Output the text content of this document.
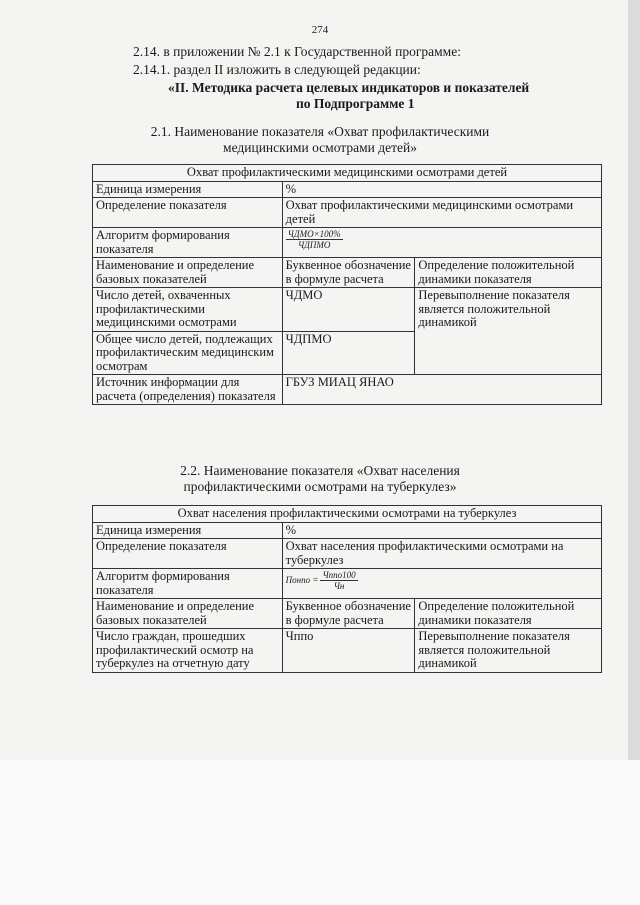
274
2.14. в приложении № 2.1 к Государственной программе:
2.14.1. раздел II изложить в следующей редакции:
«II. Методика расчета целевых индикаторов и показателей
по Подпрограмме 1
2.1. Наименование показателя «Охват профилактическими
медицинскими осмотрами детей»
Охват профилактическими медицинскими осмотрами детей		
Единица измерения	%	
Определение показателя	Охват профилактическими медицинскими осмотрами детей	
Алгоритм формирования показателя	$\frac{\text{ЧДМО×100\%}}{\text{ЧДПМО}}$

Наименование и определение базовых показателей	Буквенное обозначение в формуле расчета	Определение положительной динамики показателя
Число детей, охваченных профилактическими медицинскими осмотрами	ЧДМО	Перевыполнение показателя является положительной динамикой
Общее число детей, подлежащих профилактическим медицинским осмотрам	ЧДПМО	
Источник информации для расчета (определения) показателя	ГБУЗ МИАЦ ЯНАО	
2.2. Наименование показателя «Охват населения
профилактическими осмотрами на туберкулез»
Охват населения профилактическими осмотрами на туберкулез		
Единица измерения	%	
Определение показателя	Охват населения профилактическими осмотрами на туберкулез	
Алгоритм формирования показателя	Понпо = $\frac{\text{Чnпо100}}{Чн}$

Наименование и определение базовых показателей	Буквенное обозначение в формуле расчета	Определение положительной динамики показателя
Число граждан, прошедших профилактический осмотр на туберкулез на отчетную дату	Чппо	Перевыполнение показателя является положительной динамикой
